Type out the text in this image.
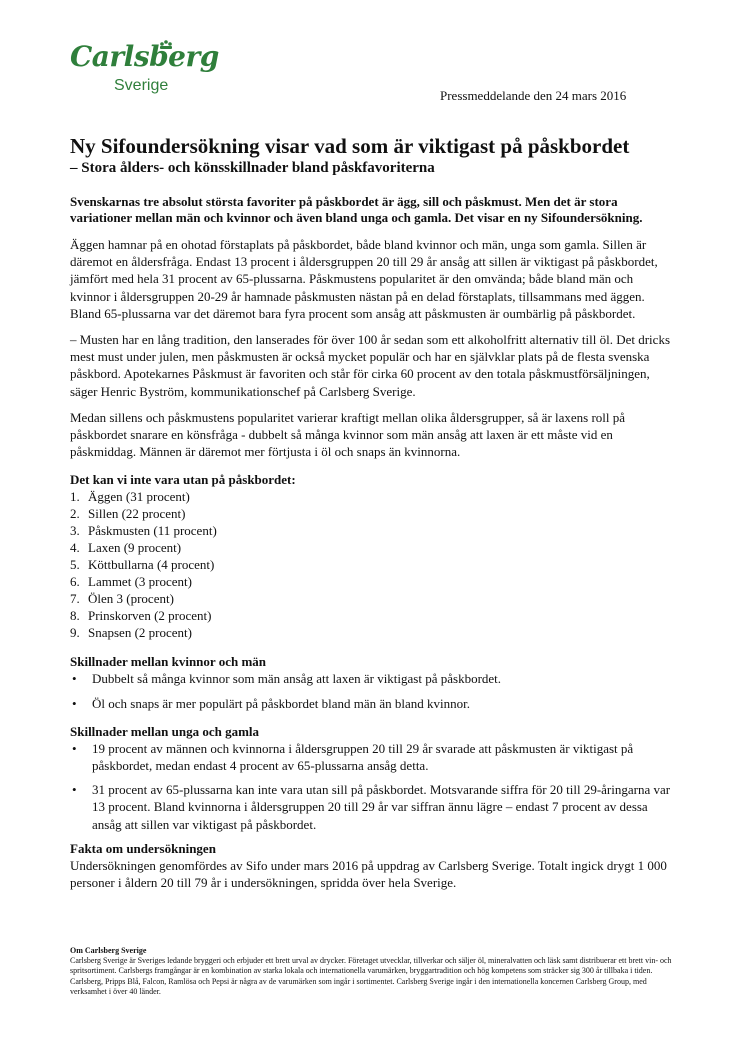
Carlsberg
Sverige
Pressmeddelande den 24 mars 2016
Ny Sifoundersökning visar vad som är viktigast på påskbordet
– Stora ålders- och könsskillnader bland påskfavoriterna

Svenskarnas tre absolut största favoriter på påskbordet är ägg, sill och påskmust. Men det är stora variationer mellan män och kvinnor och även bland unga och gamla. Det visar en ny Sifoundersökning.

Äggen hamnar på en ohotad förstaplats på påskbordet, både bland kvinnor och män, unga som gamla. Sillen är däremot en åldersfråga. Endast 13 procent i åldersgruppen 20 till 29 år ansåg att sillen är viktigast på påskbordet, jämfört med hela 31 procent av 65-plussarna. Påskmustens popularitet är den omvända; både bland män och kvinnor i åldersgruppen 20-29 år hamnade påskmusten nästan på en delad förstaplats, tillsammans med äggen. Bland 65-plussarna var det däremot bara fyra procent som ansåg att påskmusten är oumbärlig på påskbordet.

– Musten har en lång tradition, den lanserades för över 100 år sedan som ett alkoholfritt alternativ till öl. Det dricks mest must under julen, men påskmusten är också mycket populär och har en självklar plats på de flesta svenska påskbord. Apotekarnes Påskmust är favoriten och står för cirka 60 procent av den totala påskmustförsäljningen, säger Henric Byström, kommunikationschef på Carlsberg Sverige.

Medan sillens och påskmustens popularitet varierar kraftigt mellan olika åldersgrupper, så är laxens roll på påskbordet snarare en könsfråga - dubbelt så många kvinnor som män ansåg att laxen är ett måste vid en påskmiddag. Männen är däremot mer förtjusta i öl och snaps än kvinnorna.

Det kan vi inte vara utan på påskbordet:
1. Äggen (31 procent)
2. Sillen (22 procent)
3. Påskmusten (11 procent)
4. Laxen (9 procent)
5. Köttbullarna (4 procent)
6. Lammet (3 procent)
7. Ölen 3 (procent)
8. Prinskorven (2 procent)
9. Snapsen (2 procent)
Skillnader mellan kvinnor och män
•	Dubbelt så många kvinnor som män ansåg att laxen är viktigast på påskbordet.
•	Öl och snaps är mer populärt på påskbordet bland män än bland kvinnor.
Skillnader mellan unga och gamla
•	19 procent av männen och kvinnorna i åldersgruppen 20 till 29 år svarade att påskmusten är viktigast på påskbordet, medan endast 4 procent av 65-plussarna ansåg detta.
•	31 procent av 65-plussarna kan inte vara utan sill på påskbordet. Motsvarande siffra för 20 till 29-åringarna var 13 procent. Bland kvinnorna i åldersgruppen 20 till 29 år var siffran ännu lägre – endast 7 procent av dessa ansåg att sillen var viktigast på påskbordet.
Fakta om undersökningen

Undersökningen genomfördes av Sifo under mars 2016 på uppdrag av Carlsberg Sverige. Totalt ingick drygt 1 000 personer i åldern 20 till 79 år i undersökningen, spridda över hela Sverige.

Om Carlsberg Sverige

Carlsberg Sverige är Sveriges ledande bryggeri och erbjuder ett brett urval av drycker. Företaget utvecklar, tillverkar och säljer öl, mineralvatten och läsk samt distribuerar ett brett vin- och spritsortiment. Carlsbergs framgångar är en kombination av starka lokala och internationella varumärken, bryggartradition och hög kompetens som sträcker sig 300 år tillbaka i tiden. Carlsberg, Pripps Blå, Falcon, Ramlösa och Pepsi är några av de varumärken som ingår i sortimentet. Carlsberg Sverige ingår i den internationella koncernen Carlsberg Group, med verksamhet i över 40 länder.
